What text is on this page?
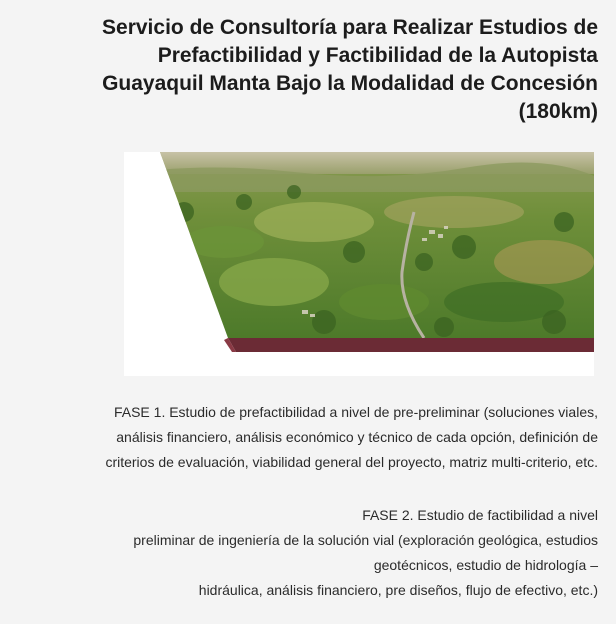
Servicio de Consultoría para Realizar Estudios de
Prefactibilidad y Factibilidad de la Autopista
Guayaquil Manta Bajo la Modalidad de Concesión
(180km)
FASE 1. Estudio de prefactibilidad a nivel de pre-preliminar (soluciones viales,
análisis financiero, análisis económico y técnico de cada opción, definición de
criterios de evaluación, viabilidad general del proyecto, matriz multi-criterio, etc.
FASE 2. Estudio de factibilidad a nivel
preliminar de ingeniería de la solución vial (exploración geológica, estudios
geotécnicos, estudio de hidrología –
hidráulica, análisis financiero, pre diseños, flujo de efectivo, etc.)
